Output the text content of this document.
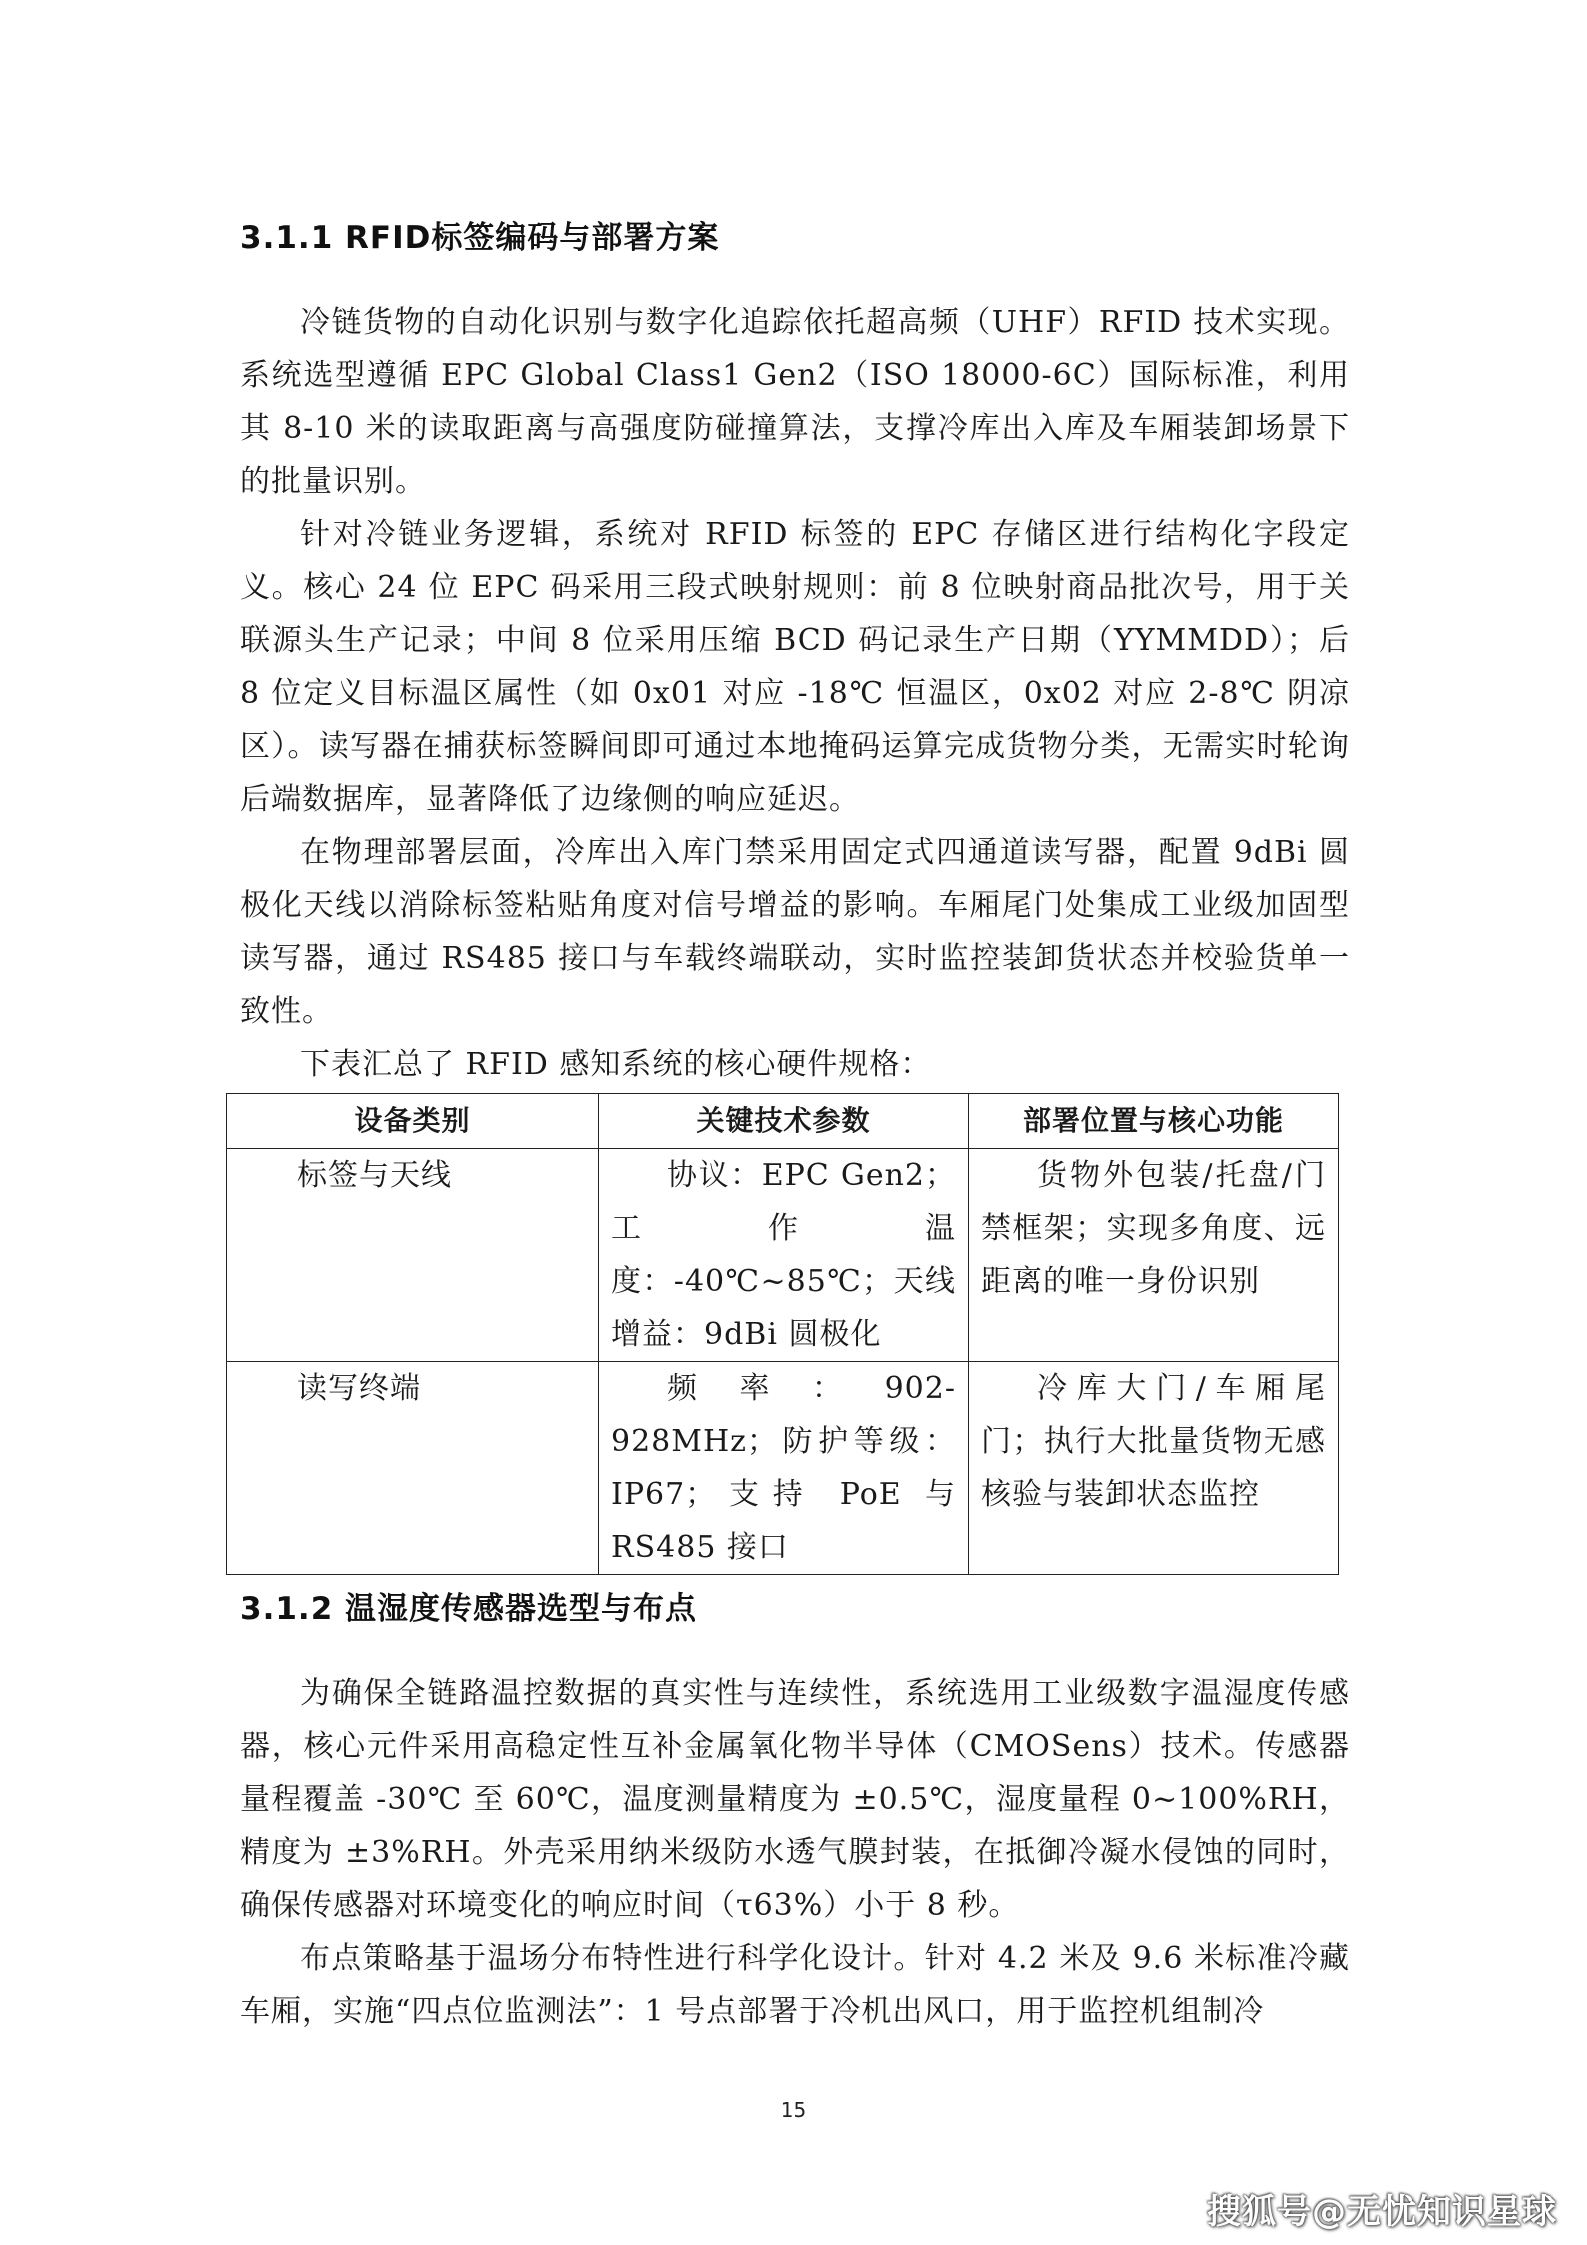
3.1.1 RFID标签编码与部署方案

冷链货物的自动化识别与数字化追踪依托超高频（UHF）RFID 技术实现。系统选型遵循 EPC Global Class1 Gen2（ISO 18000-6C）国际标准，利用其 8-10 米的读取距离与高强度防碰撞算法，支撑冷库出入库及车厢装卸场景下的批量识别。

针对冷链业务逻辑，系统对 RFID 标签的 EPC 存储区进行结构化字段定义。核心 24 位 EPC 码采用三段式映射规则：前 8 位映射商品批次号，用于关联源头生产记录；中间 8 位采用压缩 BCD 码记录生产日期（YYMMDD）；后 8 位定义目标温区属性（如 0x01 对应 -18℃ 恒温区，0x02 对应 2-8℃ 阴凉区）。读写器在捕获标签瞬间即可通过本地掩码运算完成货物分类，无需实时轮询后端数据库，显著降低了边缘侧的响应延迟。

在物理部署层面，冷库出入库门禁采用固定式四通道读写器，配置 9dBi 圆极化天线以消除标签粘贴角度对信号增益的影响。车厢尾门处集成工业级加固型读写器，通过 RS485 接口与车载终端联动，实时监控装卸货状态并校验货单一致性。

下表汇总了 RFID 感知系统的核心硬件规格：

设备类别	关键技术参数	部署位置与核心功能
标签与天线	协议：EPC Gen2；工作温度：-40℃~85℃；天线增益：9dBi 圆极化	货物外包装/托盘/门禁框架；实现多角度、远距离的唯一身份识别

读写终端	频率：902-928MHz；防护等级：IP67；支持 PoE 与 RS485 接口	冷库大门/车厢尾门；执行大批量货物无感核验与装卸状态监控

3.1.2 温湿度传感器选型与布点

为确保全链路温控数据的真实性与连续性，系统选用工业级数字温湿度传感器，核心元件采用高稳定性互补金属氧化物半导体（CMOSens）技术。传感器量程覆盖 -30℃ 至 60℃，温度测量精度为 ±0.5℃，湿度量程 0~100%RH，精度为 ±3%RH。外壳采用纳米级防水透气膜封装，在抵御冷凝水侵蚀的同时，确保传感器对环境变化的响应时间（τ63%）小于 8 秒。

布点策略基于温场分布特性进行科学化设计。针对 4.2 米及 9.6 米标准冷藏车厢，实施“四点位监测法”：1 号点部署于冷机出风口，用于监控机组制冷

15
搜狐号@无忧知识星球
